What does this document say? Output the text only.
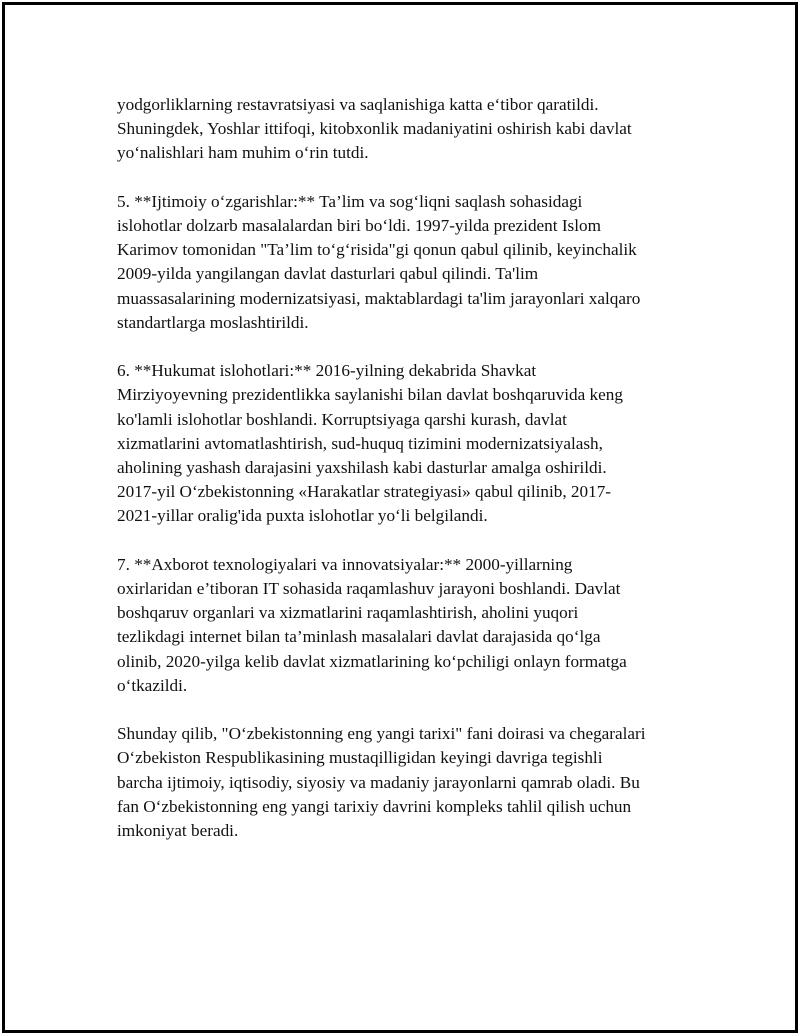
yodgorliklarning restavratsiyasi va saqlanishiga katta e‘tibor qaratildi.
Shuningdek, Yoshlar ittifoqi, kitobxonlik madaniyatini oshirish kabi davlat
yo‘nalishlari ham muhim o‘rin tutdi.

5. **Ijtimoiy o‘zgarishlar:** Ta’lim va sog‘liqni saqlash sohasidagi
islohotlar dolzarb masalalardan biri bo‘ldi. 1997-yilda prezident Islom
Karimov tomonidan "Ta’lim to‘g‘risida"gi qonun qabul qilinib, keyinchalik
2009-yilda yangilangan davlat dasturlari qabul qilindi. Ta'lim
muassasalarining modernizatsiyasi, maktablardagi ta'lim jarayonlari xalqaro
standartlarga moslashtirildi.

6. **Hukumat islohotlari:** 2016-yilning dekabrida Shavkat
Mirziyoyevning prezidentlikka saylanishi bilan davlat boshqaruvida keng
ko'lamli islohotlar boshlandi. Korruptsiyaga qarshi kurash, davlat
xizmatlarini avtomatlashtirish, sud-huquq tizimini modernizatsiyalash,
aholining yashash darajasini yaxshilash kabi dasturlar amalga oshirildi.
2017-yil O‘zbekistonning «Harakatlar strategiyasi» qabul qilinib, 2017-
2021-yillar oralig'ida puxta islohotlar yo‘li belgilandi.

7. **Axborot texnologiyalari va innovatsiyalar:** 2000-yillarning
oxirlaridan e’tiboran IT sohasida raqamlashuv jarayoni boshlandi. Davlat
boshqaruv organlari va xizmatlarini raqamlashtirish, aholini yuqori
tezlikdagi internet bilan ta’minlash masalalari davlat darajasida qo‘lga
olinib, 2020-yilga kelib davlat xizmatlarining ko‘pchiligi onlayn formatga
o‘tkazildi.

Shunday qilib, "O‘zbekistonning eng yangi tarixi" fani doirasi va chegaralari
O‘zbekiston Respublikasining mustaqilligidan keyingi davriga tegishli
barcha ijtimoiy, iqtisodiy, siyosiy va madaniy jarayonlarni qamrab oladi. Bu
fan O‘zbekistonning eng yangi tarixiy davrini kompleks tahlil qilish uchun
imkoniyat beradi.
